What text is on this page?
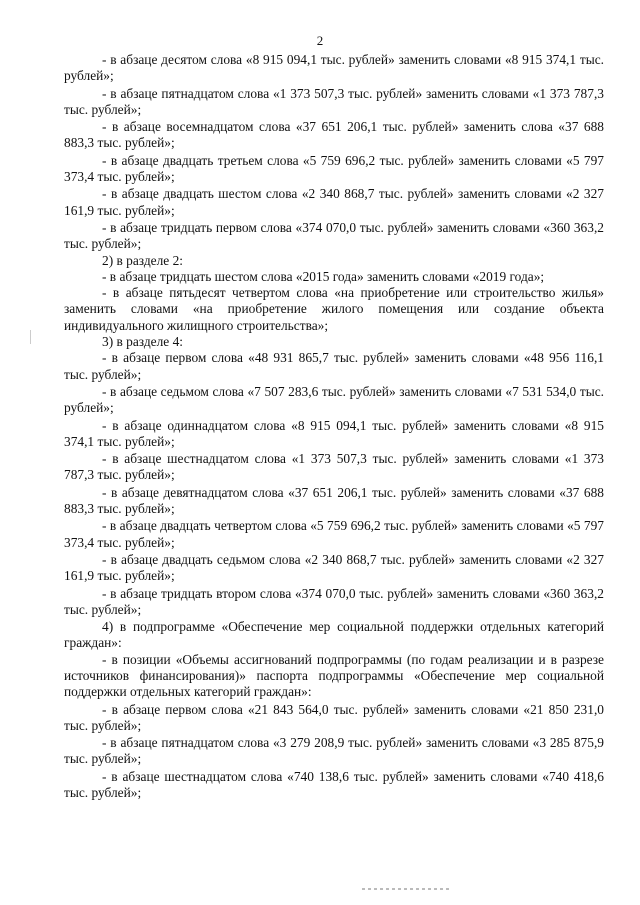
2

- в абзаце десятом слова «8 915 094,1 тыс. рублей» заменить словами «8 915 374,1 тыс. рублей»;

- в абзаце пятнадцатом слова «1 373 507,3 тыс. рублей» заменить словами «1 373 787,3 тыс. рублей»;

- в абзаце восемнадцатом слова «37 651 206,1 тыс. рублей» заменить слова «37 688 883,3 тыс. рублей»;

- в абзаце двадцать третьем слова «5 759 696,2 тыс. рублей» заменить словами «5 797 373,4 тыс. рублей»;

- в абзаце двадцать шестом слова «2 340 868,7 тыс. рублей» заменить словами «2 327 161,9 тыс. рублей»;

- в абзаце тридцать первом слова «374 070,0 тыс. рублей» заменить словами «360 363,2 тыс. рублей»;

2) в разделе 2:

- в абзаце тридцать шестом слова «2015 года» заменить словами «2019 года»;

- в абзаце пятьдесят четвертом слова «на приобретение или строительство жилья» заменить словами «на приобретение жилого помещения или создание объекта индивидуального жилищного строительства»;

3) в разделе 4:

- в абзаце первом слова «48 931 865,7 тыс. рублей» заменить словами «48 956 116,1 тыс. рублей»;

- в абзаце седьмом слова «7 507 283,6 тыс. рублей» заменить словами «7 531 534,0 тыс. рублей»;

- в абзаце одиннадцатом слова «8 915 094,1 тыс. рублей» заменить словами «8 915 374,1 тыс. рублей»;

- в абзаце шестнадцатом слова «1 373 507,3 тыс. рублей» заменить словами «1 373 787,3 тыс. рублей»;

- в абзаце девятнадцатом слова «37 651 206,1 тыс. рублей» заменить словами «37 688 883,3 тыс. рублей»;

- в абзаце двадцать четвертом слова «5 759 696,2 тыс. рублей» заменить словами «5 797 373,4 тыс. рублей»;

- в абзаце двадцать седьмом слова «2 340 868,7 тыс. рублей» заменить словами «2 327 161,9 тыс. рублей»;

- в абзаце тридцать втором слова «374 070,0 тыс. рублей» заменить словами «360 363,2 тыс. рублей»;

4) в подпрограмме «Обеспечение мер социальной поддержки отдельных категорий граждан»:

- в позиции «Объемы ассигнований подпрограммы (по годам реализации и в разрезе источников финансирования)» паспорта подпрограммы «Обеспечение мер социальной поддержки отдельных категорий граждан»:

- в абзаце первом слова «21 843 564,0 тыс. рублей» заменить словами «21 850 231,0 тыс. рублей»;

- в абзаце пятнадцатом слова «3 279 208,9 тыс. рублей» заменить словами «3 285 875,9 тыс. рублей»;

- в абзаце шестнадцатом слова «740 138,6 тыс. рублей» заменить словами «740 418,6 тыс. рублей»;
